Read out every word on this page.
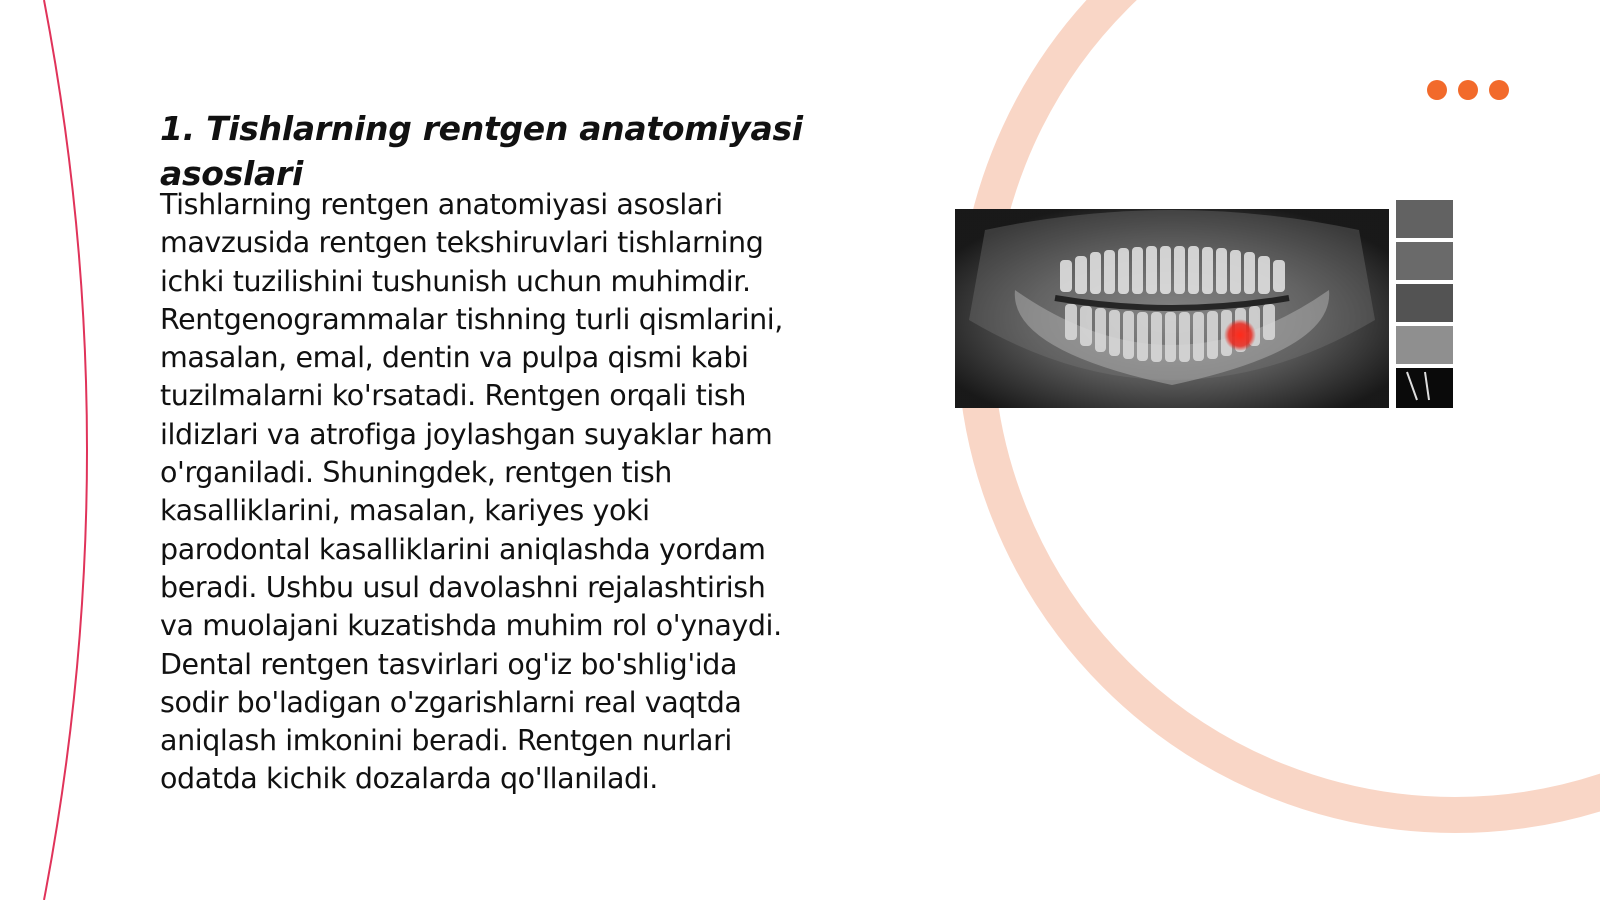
1. Tishlarning rentgen anatomiyasi asoslari

Tishlarning rentgen anatomiyasi asoslari
mavzusida rentgen tekshiruvlari tishlarning
ichki tuzilishini tushunish uchun muhimdir.
Rentgenogrammalar tishning turli qismlarini,
masalan, emal, dentin va pulpa qismi kabi
tuzilmalarni ko'rsatadi. Rentgen orqali tish
ildizlari va atrofiga joylashgan suyaklar ham
o'rganiladi. Shuningdek, rentgen tish
kasalliklarini, masalan, kariyes yoki
parodontal kasalliklarini aniqlashda yordam
beradi. Ushbu usul davolashni rejalashtirish
va muolajani kuzatishda muhim rol o'ynaydi.
Dental rentgen tasvirlari og'iz bo'shlig'ida
sodir bo'ladigan o'zgarishlarni real vaqtda
aniqlash imkonini beradi. Rentgen nurlari
odatda kichik dozalarda qo'llaniladi.
